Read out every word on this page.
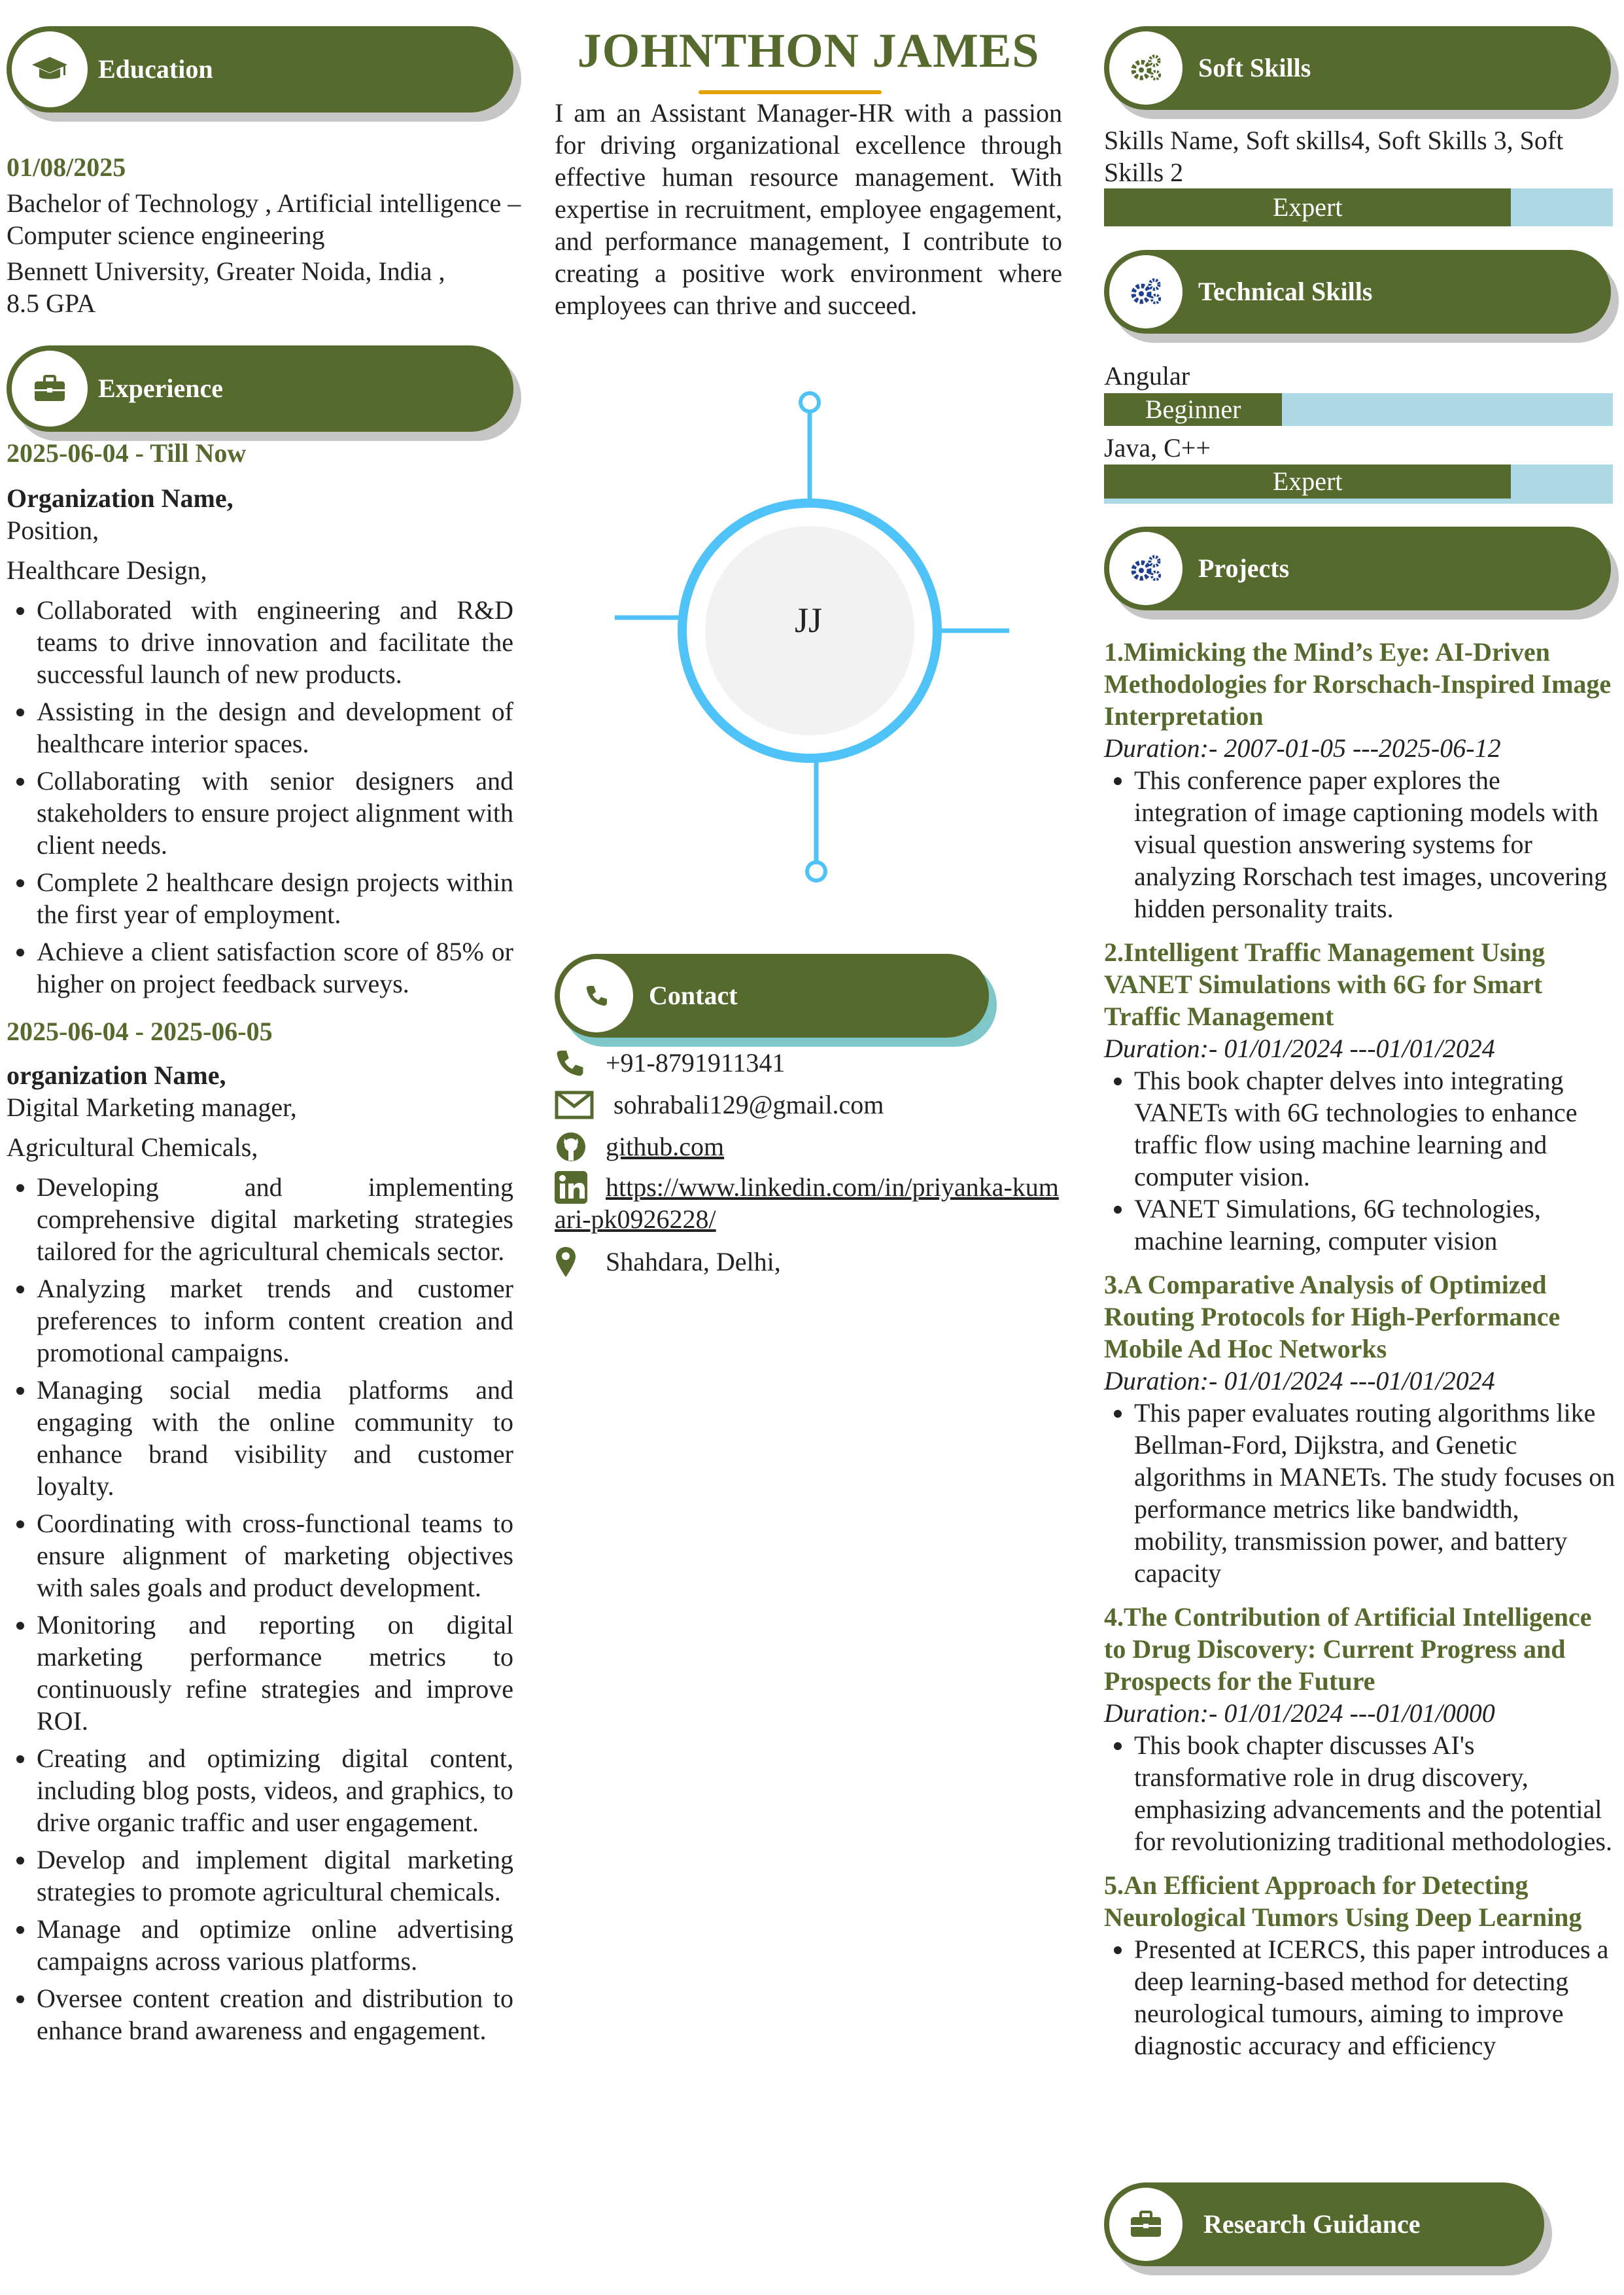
Education
01/08/2025
Bachelor of Technology , Artificial intelligence – Computer science engineering
Bennett University, Greater Noida, India ,
8.5 GPA
Experience
2025-06-04 - Till Now
Organization Name,
Position,
Healthcare Design,
• Collaborated with engineering and R&D teams to drive innovation and facilitate the successful launch of new products.
• Assisting in the design and development of healthcare interior spaces.
• Collaborating with senior designers and stakeholders to ensure project alignment with client needs.
• Complete 2 healthcare design projects within the first year of employment.
• Achieve a client satisfaction score of 85% or higher on project feedback surveys.
2025-06-04 - 2025-06-05
organization Name,
Digital Marketing manager,
Agricultural Chemicals,
• Developing and implementing comprehensive digital marketing strategies tailored for the agricultural chemicals sector.
• Analyzing market trends and customer preferences to inform content creation and promotional campaigns.
• Managing social media platforms and engaging with the online community to enhance brand visibility and customer loyalty.
• Coordinating with cross-functional teams to ensure alignment of marketing objectives with sales goals and product development.
• Monitoring and reporting on digital marketing performance metrics to continuously refine strategies and improve ROI.
• Creating and optimizing digital content, including blog posts, videos, and graphics, to drive organic traffic and user engagement.
• Develop and implement digital marketing strategies to promote agricultural chemicals.
• Manage and optimize online advertising campaigns across various platforms.
• Oversee content creation and distribution to enhance brand awareness and engagement.
JOHNTHON JAMES
I am an Assistant Manager-HR with a passion for driving organizational excellence through effective human resource management. With expertise in recruitment, employee engagement, and performance management, I contribute to creating a positive work environment where employees can thrive and succeed.
JJ
Contact
+91-8791911341
sohrabali129@gmail.com
github.com
https://www.linkedin.com/in/priyanka-kumari-pk0926228/
Shahdara, Delhi,
Soft Skills
Skills Name, Soft skills4, Soft Skills 3, Soft Skills 2
Expert
Technical Skills
Angular
Beginner
Java, C++
Expert
Projects
1.Mimicking the Mind’s Eye: AI-Driven Methodologies for Rorschach-Inspired Image Interpretation
Duration:- 2007-01-05 ---2025-06-12
• This conference paper explores the integration of image captioning models with visual question answering systems for analyzing Rorschach test images, uncovering hidden personality traits.
2.Intelligent Traffic Management Using VANET Simulations with 6G for Smart Traffic Management
Duration:- 01/01/2024 ---01/01/2024
• This book chapter delves into integrating VANETs with 6G technologies to enhance traffic flow using machine learning and computer vision.
• VANET Simulations, 6G technologies, machine learning, computer vision
3.A Comparative Analysis of Optimized Routing Protocols for High-Performance Mobile Ad Hoc Networks
Duration:- 01/01/2024 ---01/01/2024
• This paper evaluates routing algorithms like Bellman-Ford, Dijkstra, and Genetic algorithms in MANETs. The study focuses on performance metrics like bandwidth, mobility, transmission power, and battery capacity
4.The Contribution of Artificial Intelligence to Drug Discovery: Current Progress and Prospects for the Future
Duration:- 01/01/2024 ---01/01/0000
• This book chapter discusses AI's transformative role in drug discovery, emphasizing advancements and the potential for revolutionizing traditional methodologies.
5.An Efficient Approach for Detecting Neurological Tumors Using Deep Learning
• Presented at ICERCS, this paper introduces a deep learning-based method for detecting neurological tumours, aiming to improve diagnostic accuracy and efficiency
Research Guidance
